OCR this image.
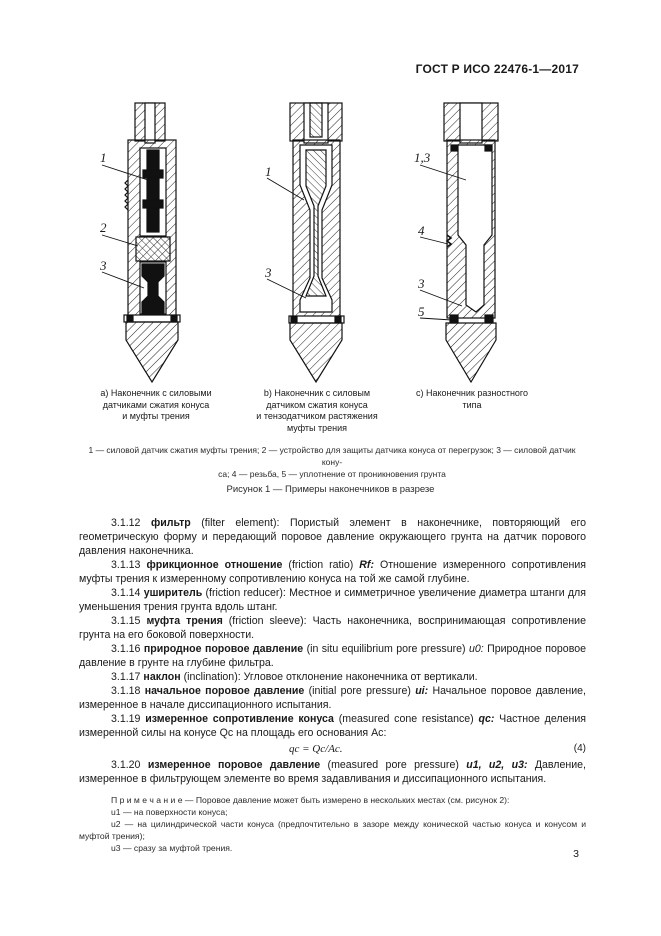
ГОСТ Р ИСО 22476-1—2017
1
2
3
1
3
1,3
4
3
5
а) Наконечник с силовыми
датчиками сжатия конуса
и муфты трения
b) Наконечник с силовым
датчиком сжатия конуса
и тензодатчиком растяжения
муфты трения
с) Наконечник разностного
типа
1 — силовой датчик сжатия муфты трения; 2 — устройство для защиты датчика конуса от перегрузок; 3 — силовой датчик кону-
са; 4 — резьба, 5 — уплотнение от проникновения грунта
Рисунок 1 — Примеры наконечников в разрезе

3.1.12 фильтр (filter element): Пористый элемент в наконечнике, повторяющий его геометрическую форму и передающий поровое давление окружающего грунта на датчик порового давления наконечника.

3.1.13 фрикционное отношение (friction ratio) Rf: Отношение измеренного сопротивления муфты трения к измеренному сопротивлению конуса на той же самой глубине.

3.1.14 уширитель (friction reducer): Местное и симметричное увеличение диаметра штанги для уменьшения трения грунта вдоль штанг.

3.1.15 муфта трения (friction sleeve): Часть наконечника, воспринимающая сопротивление грунта на его боковой поверхности.

3.1.16 природное поровое давление (in situ equilibrium pore pressure) u0: Природное поровое давление в грунте на глубине фильтра.

3.1.17 наклон (inclination): Угловое отклонение наконечника от вертикали.

3.1.18 начальное поровое давление (initial pore pressure) ui: Начальное поровое давление, измеренное в начале диссипационного испытания.

3.1.19 измеренное сопротивление конуса (measured cone resistance) qc: Частное деления измеренной силы на конусе Qc на площадь его основания Ac:

qc = Qc/Ac.	(4)

3.1.20 измеренное поровое давление (measured pore pressure) u1, u2, u3: Давление, измеренное в фильтрующем элементе во время задавливания и диссипационного испытания.

П р и м е ч а н и е — Поровое давление может быть измерено в нескольких местах (см. рисунок 2):

u1 — на поверхности конуса;

u2 — на цилиндрической части конуса (предпочтительно в зазоре между конической частью конуса и конусом и муфтой трения);

u3 — сразу за муфтой трения.	3
